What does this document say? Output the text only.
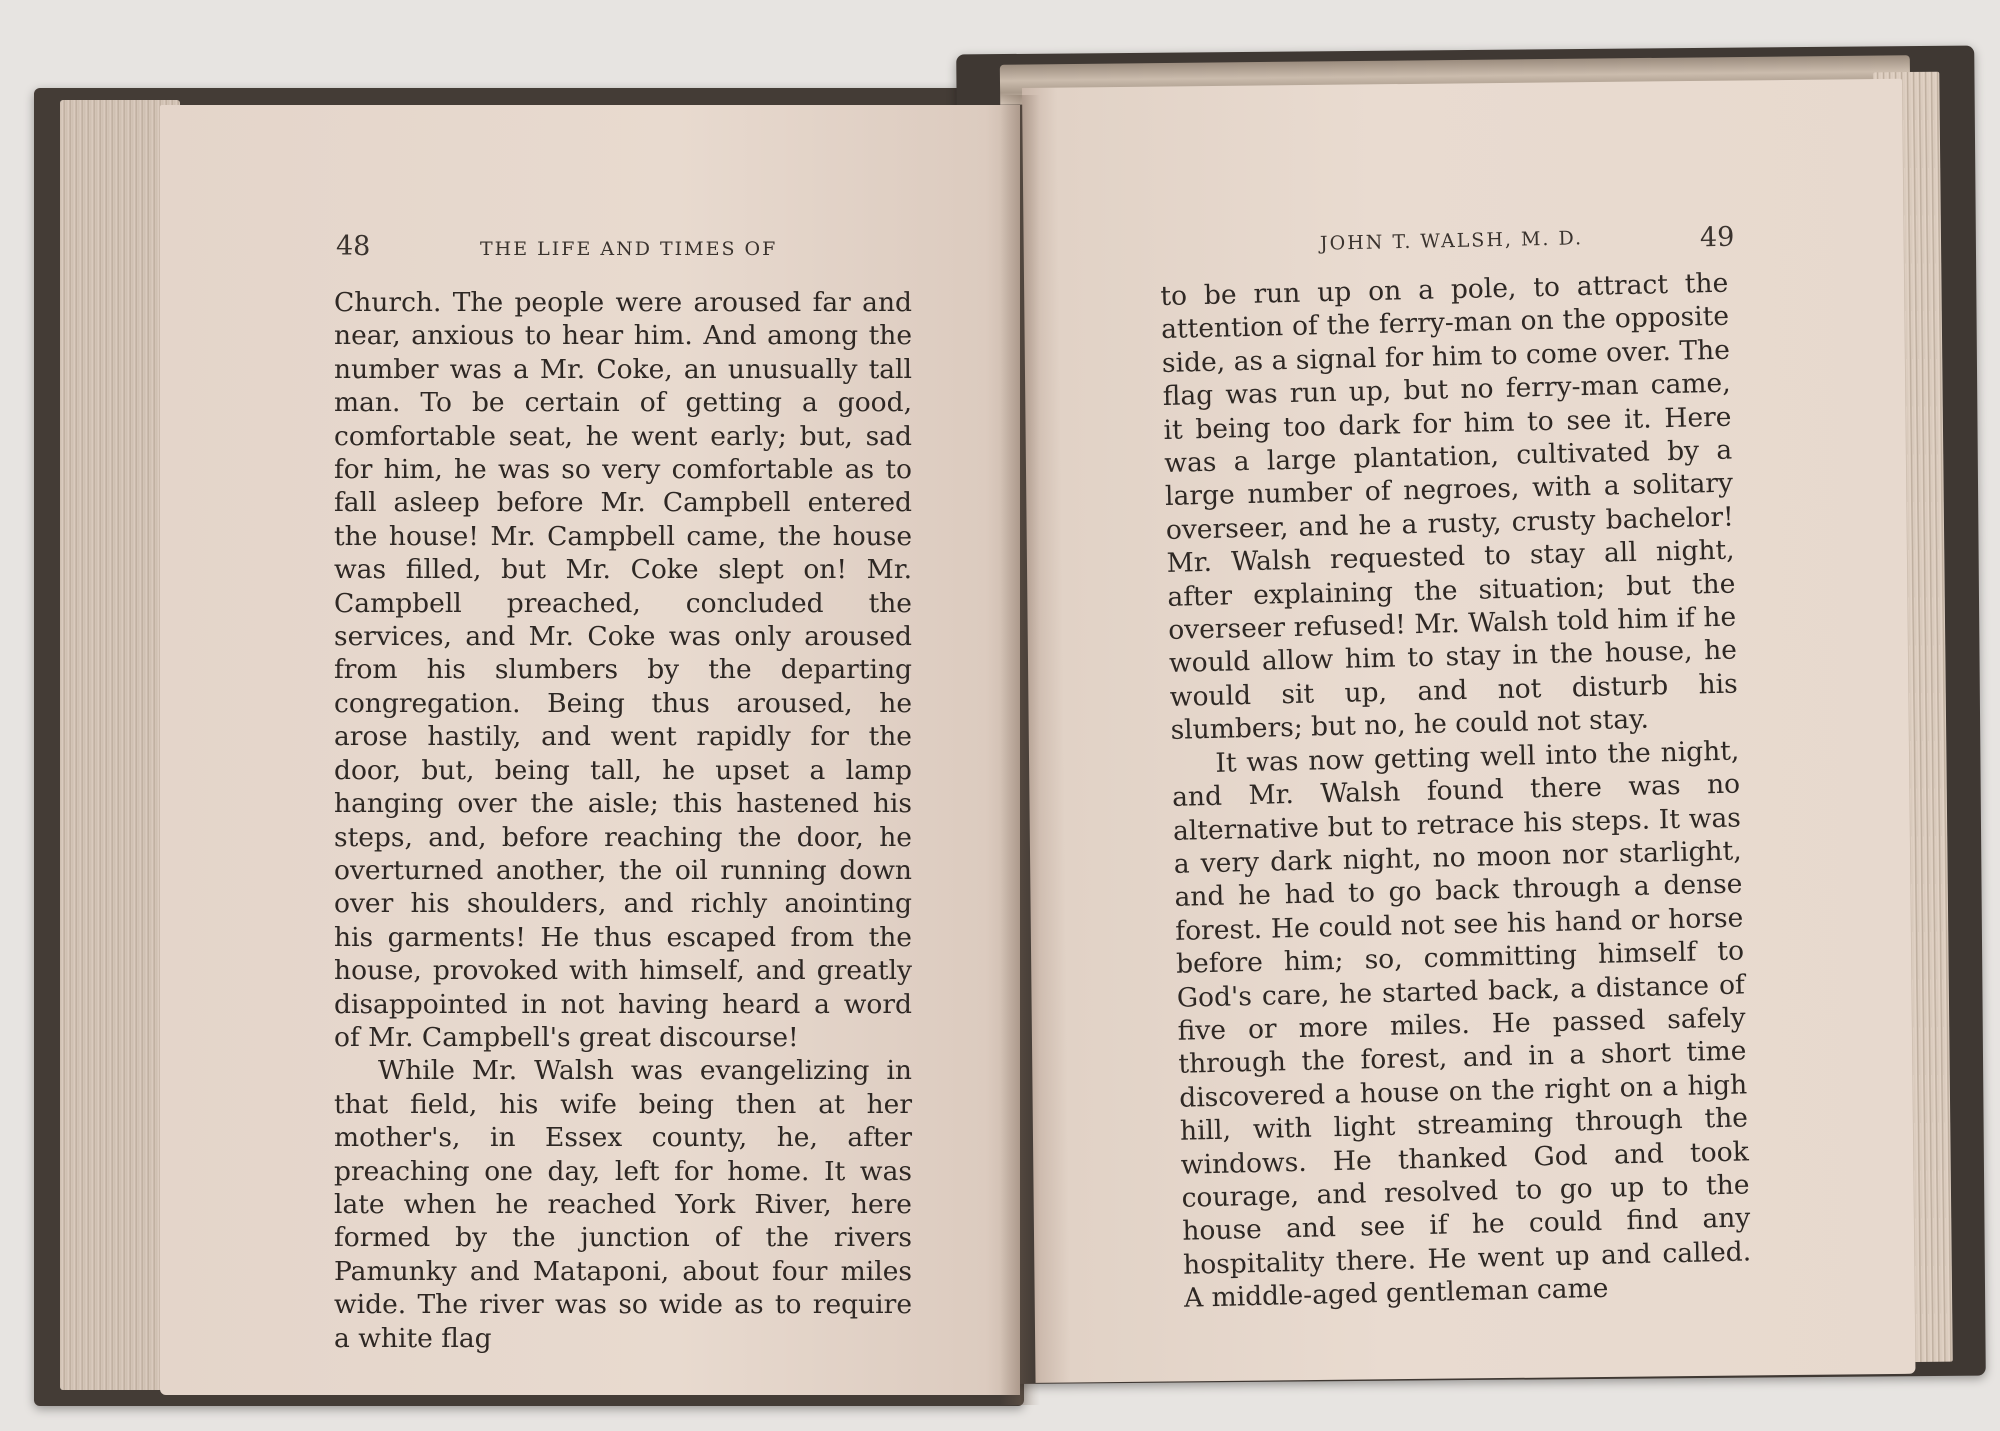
48	THE LIFE AND TIMES OF

Church. The people were aroused far and near, anxious to hear him. And among the number was a Mr. Coke, an unusually tall man. To be certain of getting a good, comfortable seat, he went early; but, sad for him, he was so very comfortable as to fall asleep before Mr. Campbell entered the house! Mr. Campbell came, the house was filled, but Mr. Coke slept on! Mr. Campbell preached, concluded the services, and Mr. Coke was only aroused from his slumbers by the departing congregation. Being thus aroused, he arose hastily, and went rapidly for the door, but, being tall, he upset a lamp hanging over the aisle; this hastened his steps, and, before reaching the door, he overturned another, the oil running down over his shoulders, and richly anointing his garments! He thus escaped from the house, provoked with himself, and greatly disappointed in not having heard a word of Mr. Campbell's great discourse!

While Mr. Walsh was evangelizing in that field, his wife being then at her mother's, in Essex county, he, after preaching one day, left for home. It was late when he reached York River, here formed by the junction of the rivers Pamunky and Mataponi, about four miles wide. The river was so wide as to require a white flag

JOHN T. WALSH, M. D.	49

to be run up on a pole, to attract the attention of the ferry-man on the opposite side, as a signal for him to come over. The flag was run up, but no ferry-man came, it being too dark for him to see it. Here was a large plantation, cultivated by a large number of negroes, with a solitary overseer, and he a rusty, crusty bachelor! Mr. Walsh requested to stay all night, after explaining the situation; but the overseer refused! Mr. Walsh told him if he would allow him to stay in the house, he would sit up, and not disturb his slumbers; but no, he could not stay.

It was now getting well into the night, and Mr. Walsh found there was no alternative but to retrace his steps. It was a very dark night, no moon nor starlight, and he had to go back through a dense forest. He could not see his hand or horse before him; so, committing himself to God's care, he started back, a distance of five or more miles. He passed safely through the forest, and in a short time discovered a house on the right on a high hill, with light streaming through the windows. He thanked God and took courage, and resolved to go up to the house and see if he could find any hospitality there. He went up and called. A middle-aged gentleman came
